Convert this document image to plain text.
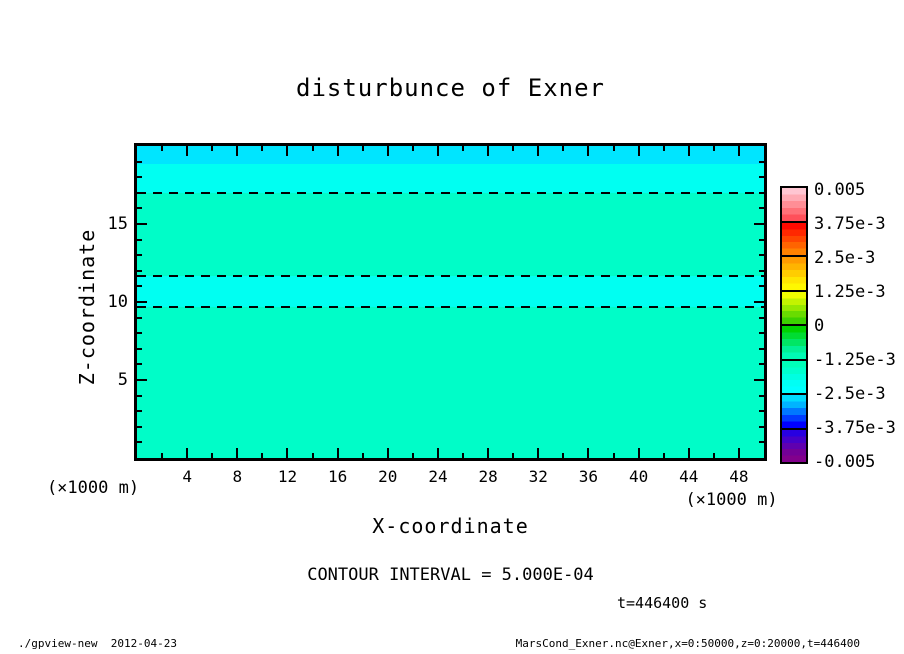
disturbunce of Exner
Z-coordinate
(×1000 m)
X-coordinate
(×1000 m)
CONTOUR INTERVAL = 5.000E-04
t=446400 s
./gpview-new  2012-04-23	MarsCond_Exner.nc@Exner,x=0:50000,z=0:20000,t=446400
4	8	12	16	20	24	28	32	36	40	44	48
5
10
15
0.005
3.75e-3
2.5e-3
1.25e-3
0
-1.25e-3
-2.5e-3
-3.75e-3
-0.005
